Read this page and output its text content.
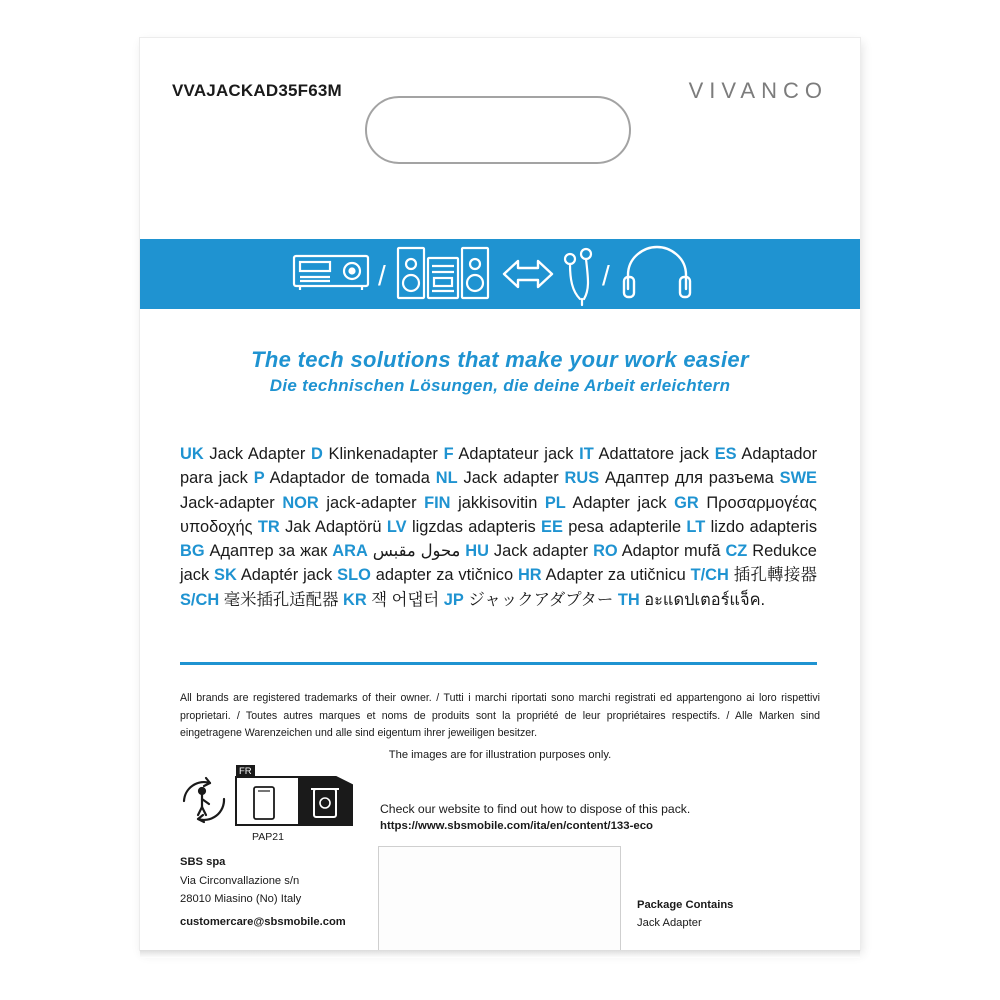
VVAJACKAD35F63M	VIVANCO
/	/
The tech solutions that make your work easier
Die technischen Lösungen, die deine Arbeit erleichtern
UK Jack Adapter D Klinkenadapter F Adaptateur jack IT Adattatore jack ES Adaptador para jack P Adaptador de tomada NL Jack adapter RUS Адаптер для разъема SWE Jack-adapter NOR jack-adapter FIN jakkisovitin PL Adapter jack GR Προσαρμογέας υποδοχής TR Jak Adaptörü LV ligzdas adapteris EE pesa adapterile LT lizdo adapteris BG Адаптер за жак ARA محول مقبس HU Jack adapter RO Adaptor mufă CZ Redukce jack SK Adaptér jack SLO adapter za vtičnico HR Adapter za utičnicu T/CH 插孔轉接器 S/CH 毫米插孔适配器 KR 잭 어댑터 JP ジャックアダプター TH อะแดปเตอร์แจ็ค.
All brands are registered trademarks of their owner. / Tutti i marchi riportati sono marchi registrati ed appartengono ai loro rispettivi proprietari. / Toutes autres marques et noms de produits sont la propriété de leur propriétaires respectifs. / Alle Marken sind eingetragene Warenzeichen und alle sind eigentum ihrer jeweiligen besitzer.
The images are for illustration purposes only.
FR
PAP21
Check our website to find out how to dispose of this pack.
https://www.sbsmobile.com/ita/en/content/133-eco
SBS spa
Via Circonvallazione s/n
28010 Miasino (No) Italy
customercare@sbsmobile.com
Package Contains
Jack Adapter
